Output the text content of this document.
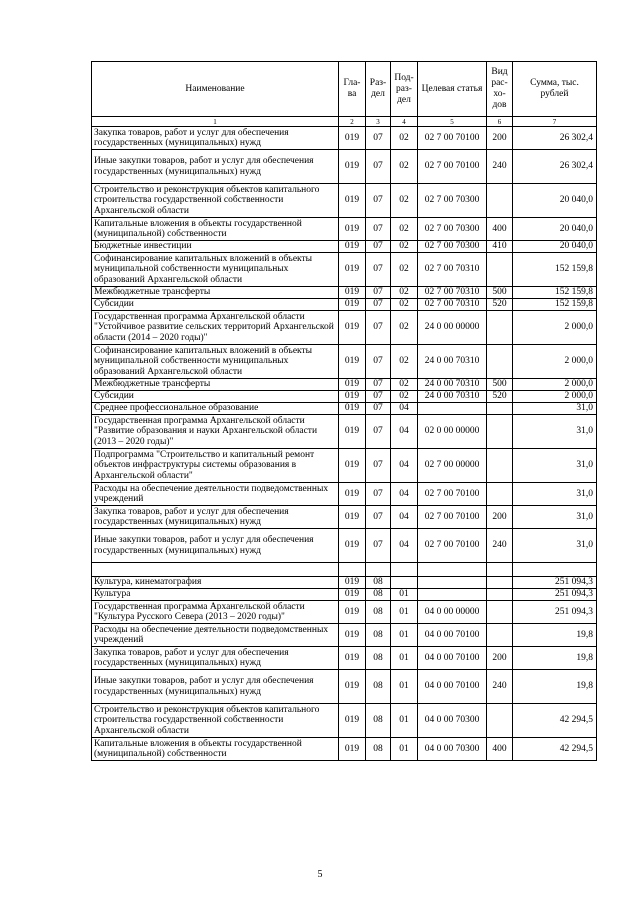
Наименование	Гла-ва	Раз-дел	Под-раз-дел	Целевая статья	Вид рас-хо-дов	Сумма, тыс. рублей
1	2	3	4	5	6	7
Закупка товаров, работ и услуг для обеспечения государственных (муниципальных) нужд	019	07	02	02 7 00 70100	200	26 302,4
Иные закупки товаров, работ и услуг для обеспечения государственных (муниципальных) нужд	019	07	02	02 7 00 70100	240	26 302,4
Строительство и реконструкция объектов капитального строительства государственной собственности Архангельской области	019	07	02	02 7 00 70300		20 040,0
Капитальные вложения в объекты государственной (муниципальной) собственности	019	07	02	02 7 00 70300	400	20 040,0
Бюджетные инвестиции	019	07	02	02 7 00 70300	410	20 040,0
Софинансирование капитальных вложений в объекты муниципальной собственности муниципальных образований Архангельской области	019	07	02	02 7 00 70310		152 159,8
Межбюджетные трансферты	019	07	02	02 7 00 70310	500	152 159,8
Субсидии	019	07	02	02 7 00 70310	520	152 159,8
Государственная программа Архангельской области "Устойчивое развитие сельских территорий Архангельской области (2014 – 2020 годы)"	019	07	02	24 0 00 00000		2 000,0
Софинансирование капитальных вложений в объекты муниципальной собственности муниципальных образований Архангельской области	019	07	02	24 0 00 70310		2 000,0
Межбюджетные трансферты	019	07	02	24 0 00 70310	500	2 000,0
Субсидии	019	07	02	24 0 00 70310	520	2 000,0
Среднее профессиональное образование	019	07	04			31,0
Государственная программа Архангельской области "Развитие образования и науки Архангельской области (2013 – 2020 годы)"	019	07	04	02 0 00 00000		31,0
Подпрограмма "Строительство и капитальный ремонт объектов инфраструктуры системы образования в Архангельской области"	019	07	04	02 7 00 00000		31,0
Расходы на обеспечение деятельности подведомственных учреждений	019	07	04	02 7 00 70100		31,0
Закупка товаров, работ и услуг для обеспечения государственных (муниципальных) нужд	019	07	04	02 7 00 70100	200	31,0
Иные закупки товаров, работ и услуг для обеспечения государственных (муниципальных) нужд	019	07	04	02 7 00 70100	240	31,0

Культура, кинематография	019	08				251 094,3
Культура	019	08	01			251 094,3
Государственная программа Архангельской области "Культура Русского Севера (2013 – 2020 годы)"	019	08	01	04 0 00 00000		251 094,3
Расходы на обеспечение деятельности подведомственных учреждений	019	08	01	04 0 00 70100		19,8
Закупка товаров, работ и услуг для обеспечения государственных (муниципальных) нужд	019	08	01	04 0 00 70100	200	19,8
Иные закупки товаров, работ и услуг для обеспечения государственных (муниципальных) нужд	019	08	01	04 0 00 70100	240	19,8
Строительство и реконструкция объектов капитального строительства государственной собственности Архангельской области	019	08	01	04 0 00 70300		42 294,5
Капитальные вложения в объекты государственной (муниципальной) собственности	019	08	01	04 0 00 70300	400	42 294,5
5
